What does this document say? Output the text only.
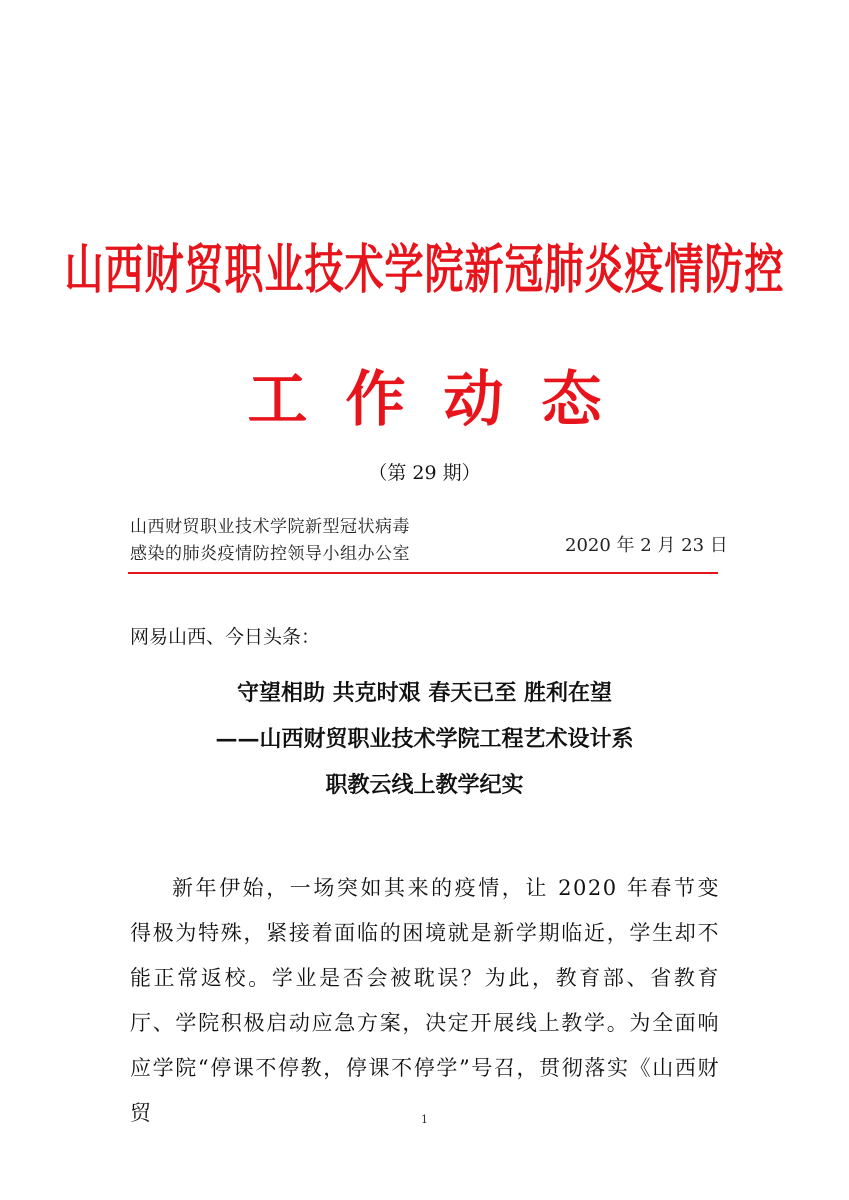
山西财贸职业技术学院新冠肺炎疫情防控
工作动态
（第 29 期）
山西财贸职业技术学院新型冠状病毒
感染的肺炎疫情防控领导小组办公室	2020 年 2 月 23 日
网易山西、今日头条：
守望相助 共克时艰 春天已至 胜利在望
——山西财贸职业技术学院工程艺术设计系
职教云线上教学纪实

新年伊始，一场突如其来的疫情，让 2020 年春节变得极为特殊，紧接着面临的困境就是新学期临近，学生却不能正常返校。学业是否会被耽误？为此，教育部、省教育厅、学院积极启动应急方案，决定开展线上教学。为全面响应学院“停课不停教，停课不停学”号召，贯彻落实《山西财贸	1
